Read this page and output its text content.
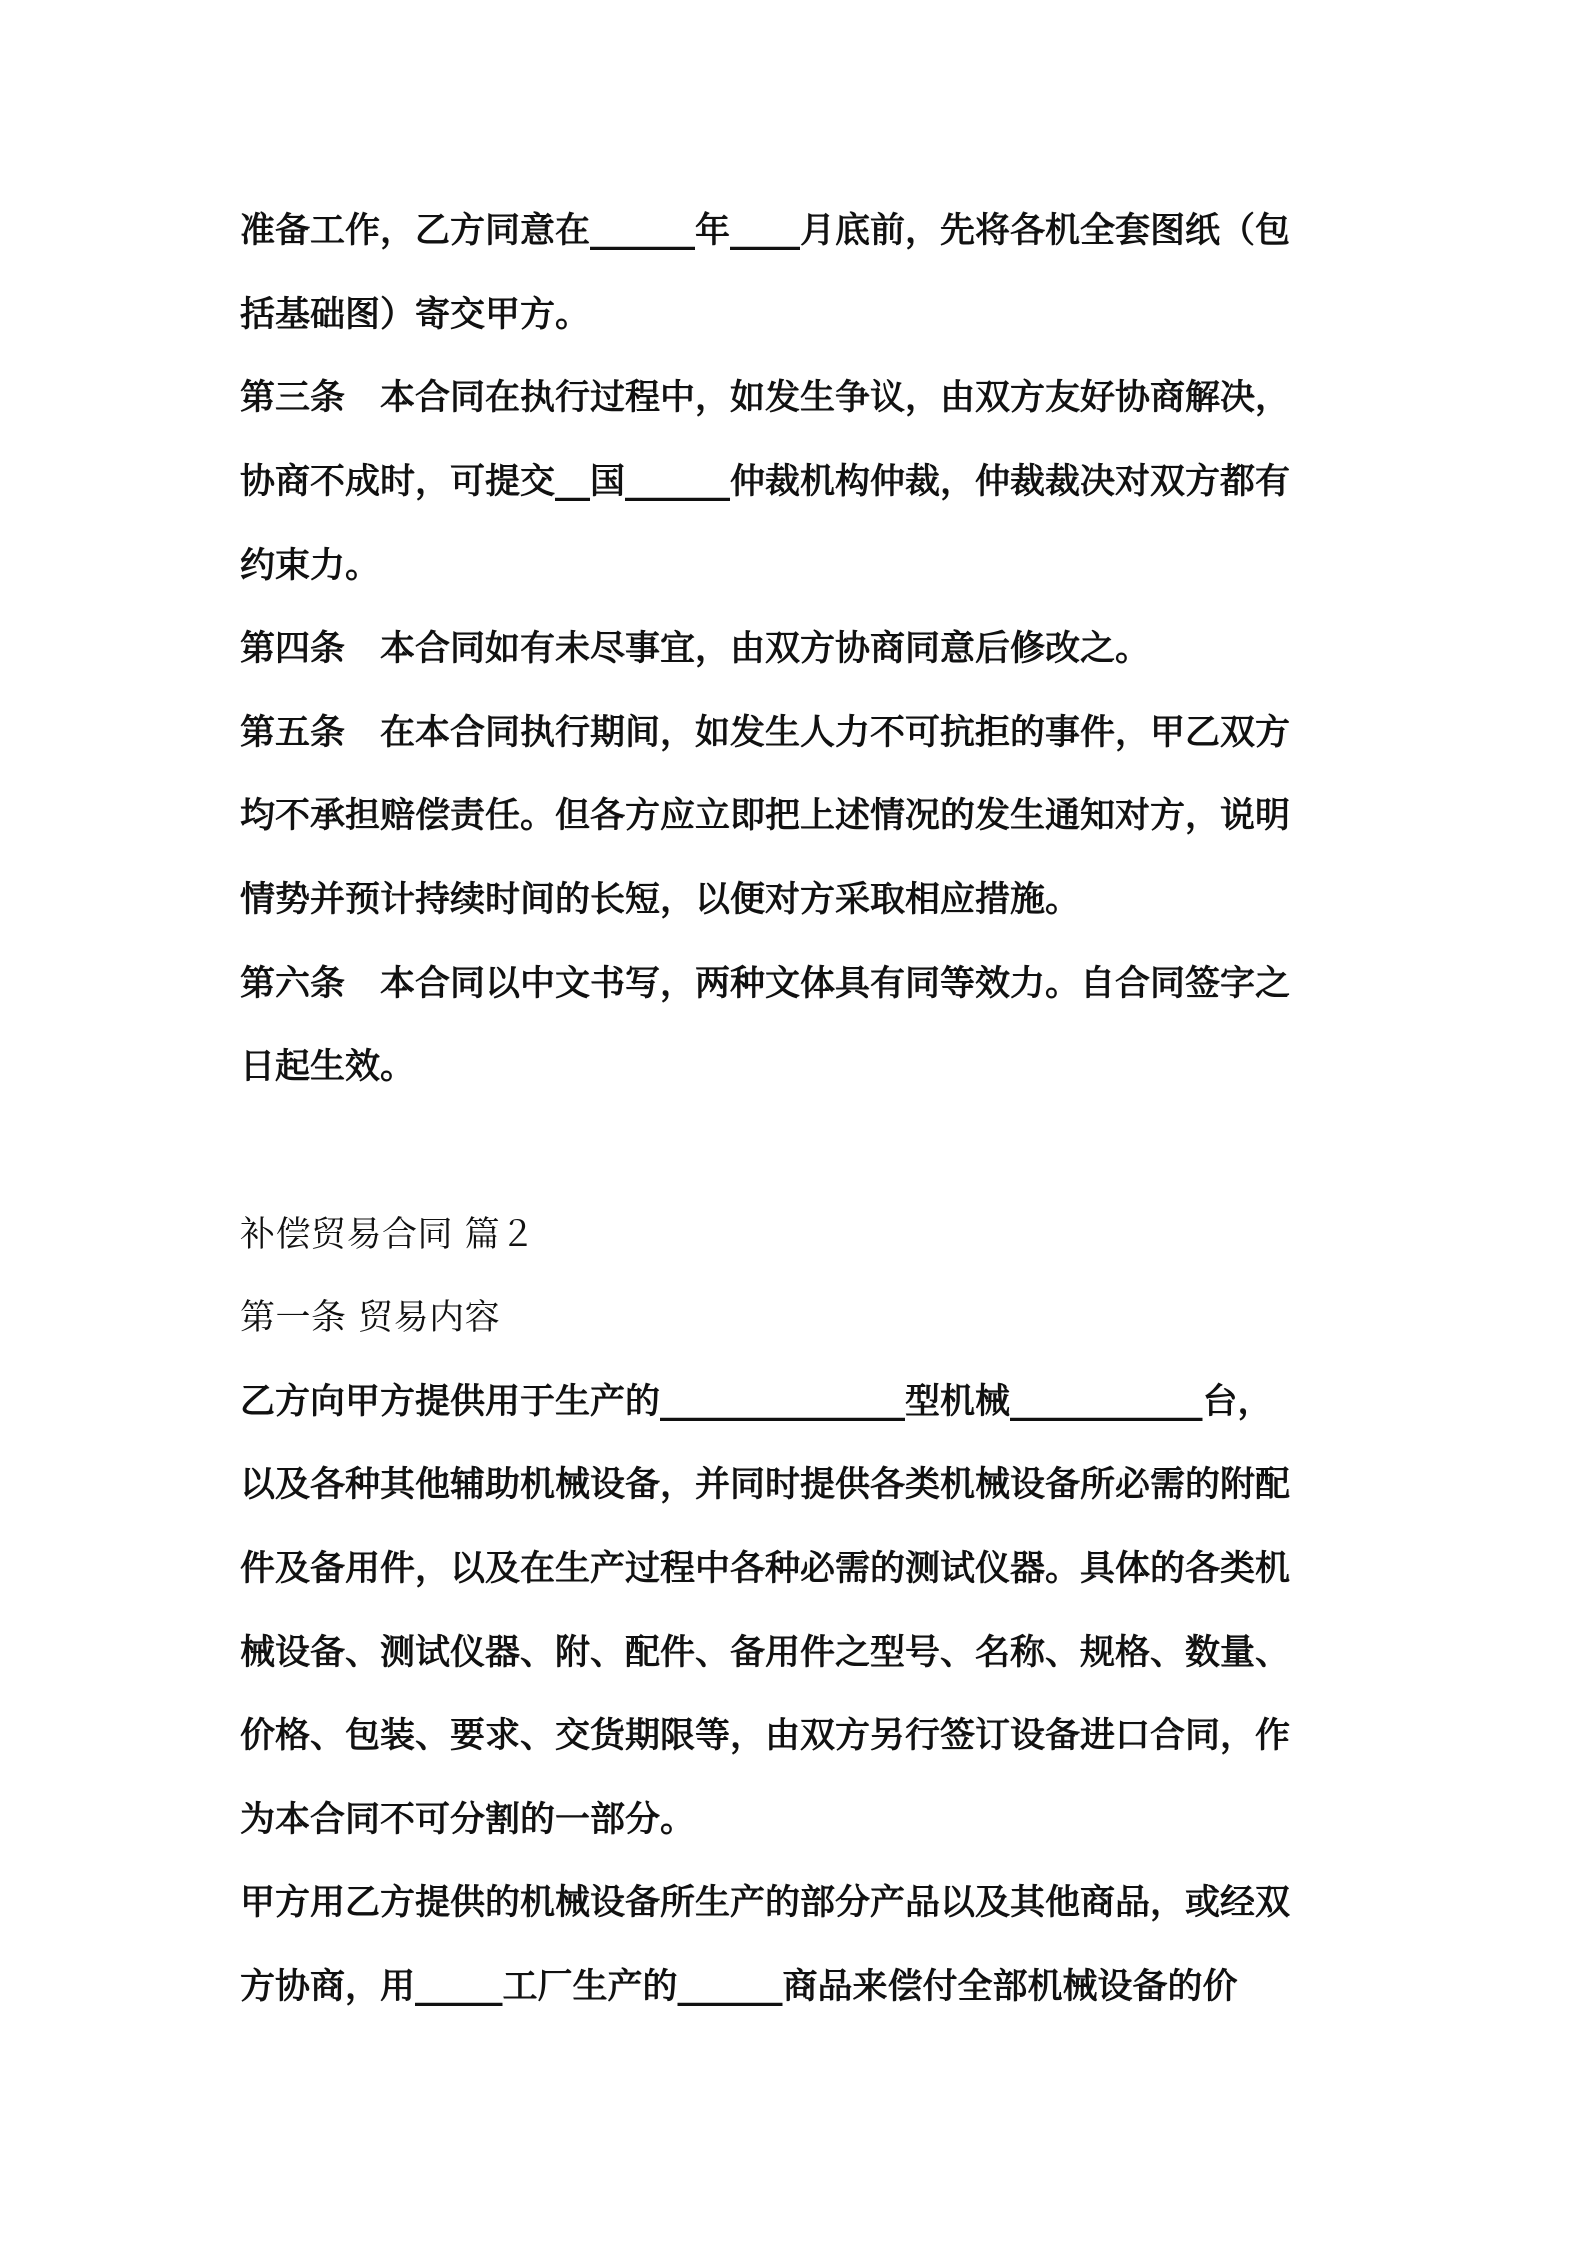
准备工作，乙方同意在______年____月底前，先将各机全套图纸（包
括基础图）寄交甲方。
第三条　本合同在执行过程中，如发生争议，由双方友好协商解决，
协商不成时，可提交__国______仲裁机构仲裁，仲裁裁决对双方都有
约束力。
第四条　本合同如有未尽事宜，由双方协商同意后修改之。
第五条　在本合同执行期间，如发生人力不可抗拒的事件，甲乙双方
均不承担赔偿责任。但各方应立即把上述情况的发生通知对方，说明
情势并预计持续时间的长短，以便对方采取相应措施。
第六条　本合同以中文书写，两种文体具有同等效力。自合同签字之
日起生效。
补偿贸易合同 篇２
第一条 贸易内容
乙方向甲方提供用于生产的______________型机械___________台，
以及各种其他辅助机械设备，并同时提供各类机械设备所必需的附配
件及备用件，以及在生产过程中各种必需的测试仪器。具体的各类机
械设备、测试仪器、附、配件、备用件之型号、名称、规格、数量、
价格、包装、要求、交货期限等，由双方另行签订设备进口合同，作
为本合同不可分割的一部分。
甲方用乙方提供的机械设备所生产的部分产品以及其他商品，或经双
方协商，用_____工厂生产的______商品来偿付全部机械设备的价
